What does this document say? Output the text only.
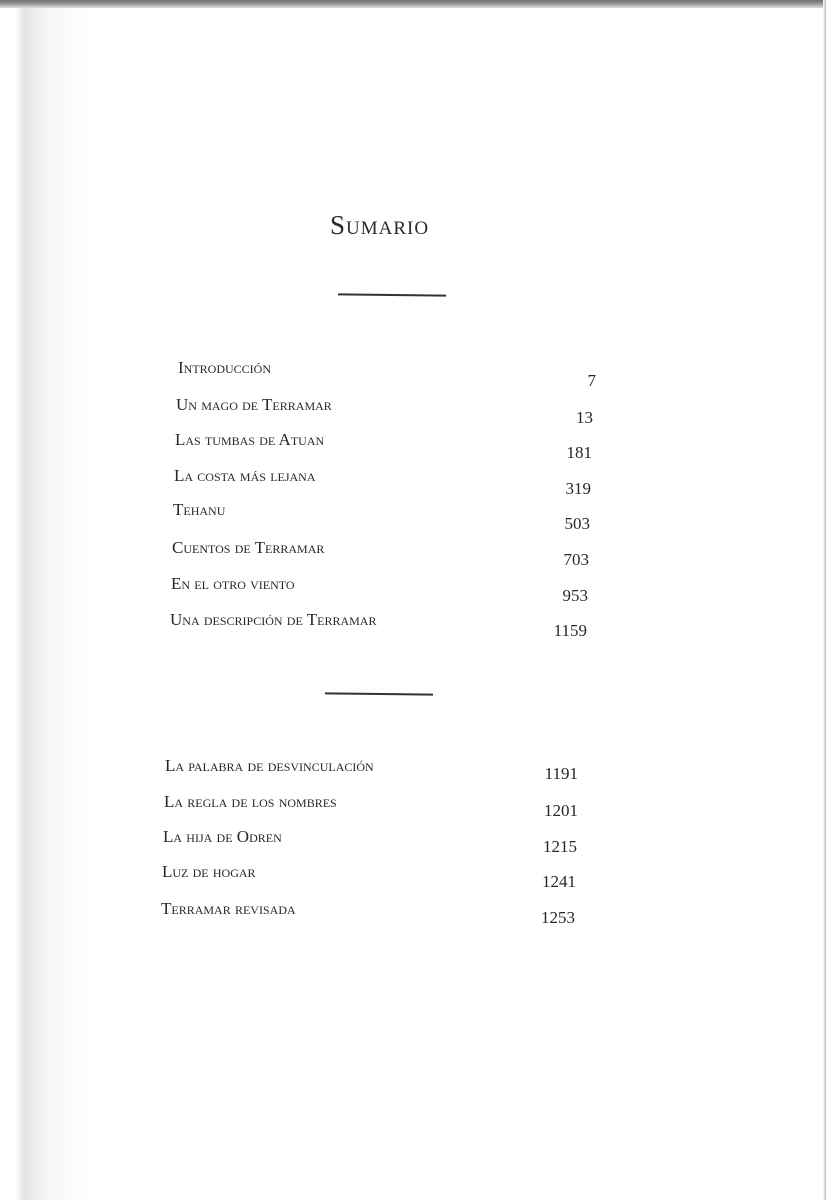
Sumario
Introducción
7
Un mago de Terramar
13
Las tumbas de Atuan
181
La costa más lejana
319
Tehanu
503
Cuentos de Terramar
703
En el otro viento
953
Una descripción de Terramar
1159
La palabra de desvinculación	1191
La regla de los nombres	1201
La hija de Odren
1215
Luz de hogar
1241
Terramar revisada	1253
